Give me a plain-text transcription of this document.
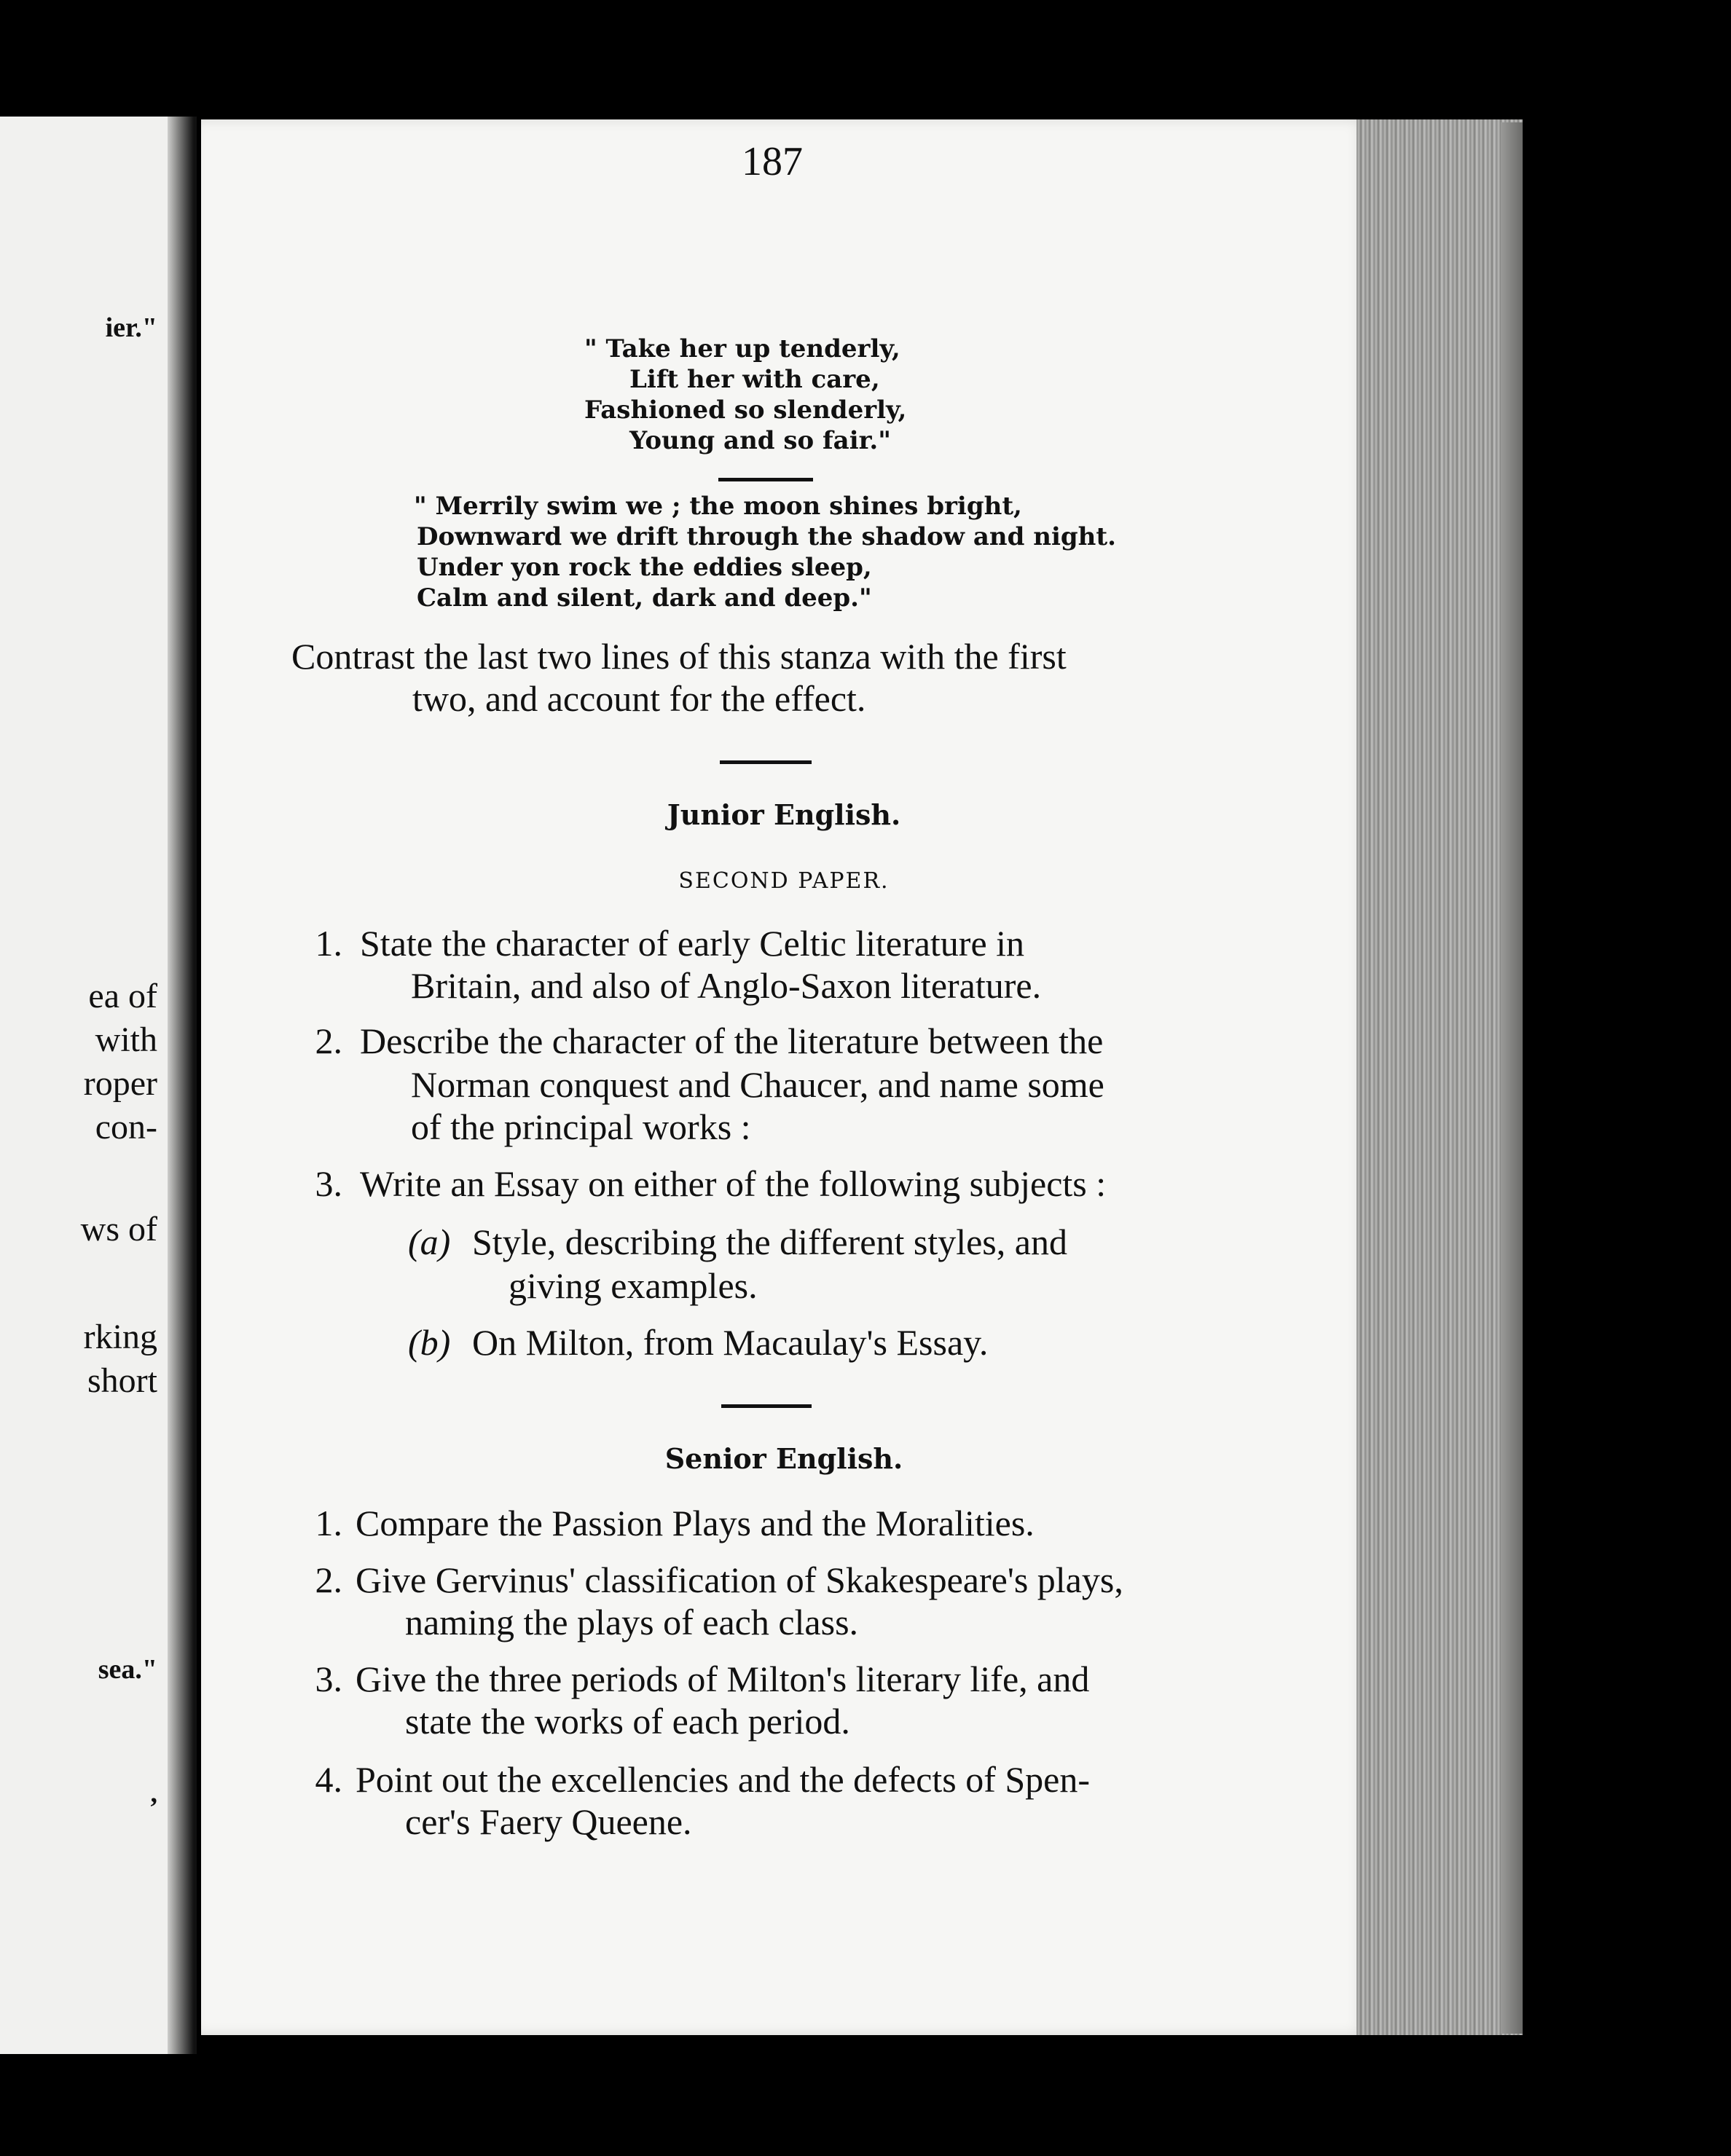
ier."
ea of
with
roper
con-
ws of
rking
short
sea."
,
187
" Take her up tenderly,
Lift her with care,
Fashioned so slenderly,
Young and so fair."
" Merrily swim we ; the moon shines bright,
Downward we drift through the shadow and night.
Under yon rock the eddies sleep,
Calm and silent, dark and deep."
Contrast the last two lines of this stanza with the first
two, and account for the effect.
Junior English.
SECOND PAPER.
1. State the character of early Celtic literature in
Britain, and also of Anglo-Saxon literature.
2. Describe the character of the literature between the
Norman conquest and Chaucer, and name some
of the principal works :
3. Write an Essay on either of the following subjects :
(a) Style, describing the different styles, and
giving examples.
(b) On Milton, from Macaulay's Essay.
Senior English.
1. Compare the Passion Plays and the Moralities.
2. Give Gervinus' classification of Skakespeare's plays,
naming the plays of each class.
3. Give the three periods of Milton's literary life, and
state the works of each period.
4. Point out the excellencies and the defects of Spen-
cer's Faery Queene.
